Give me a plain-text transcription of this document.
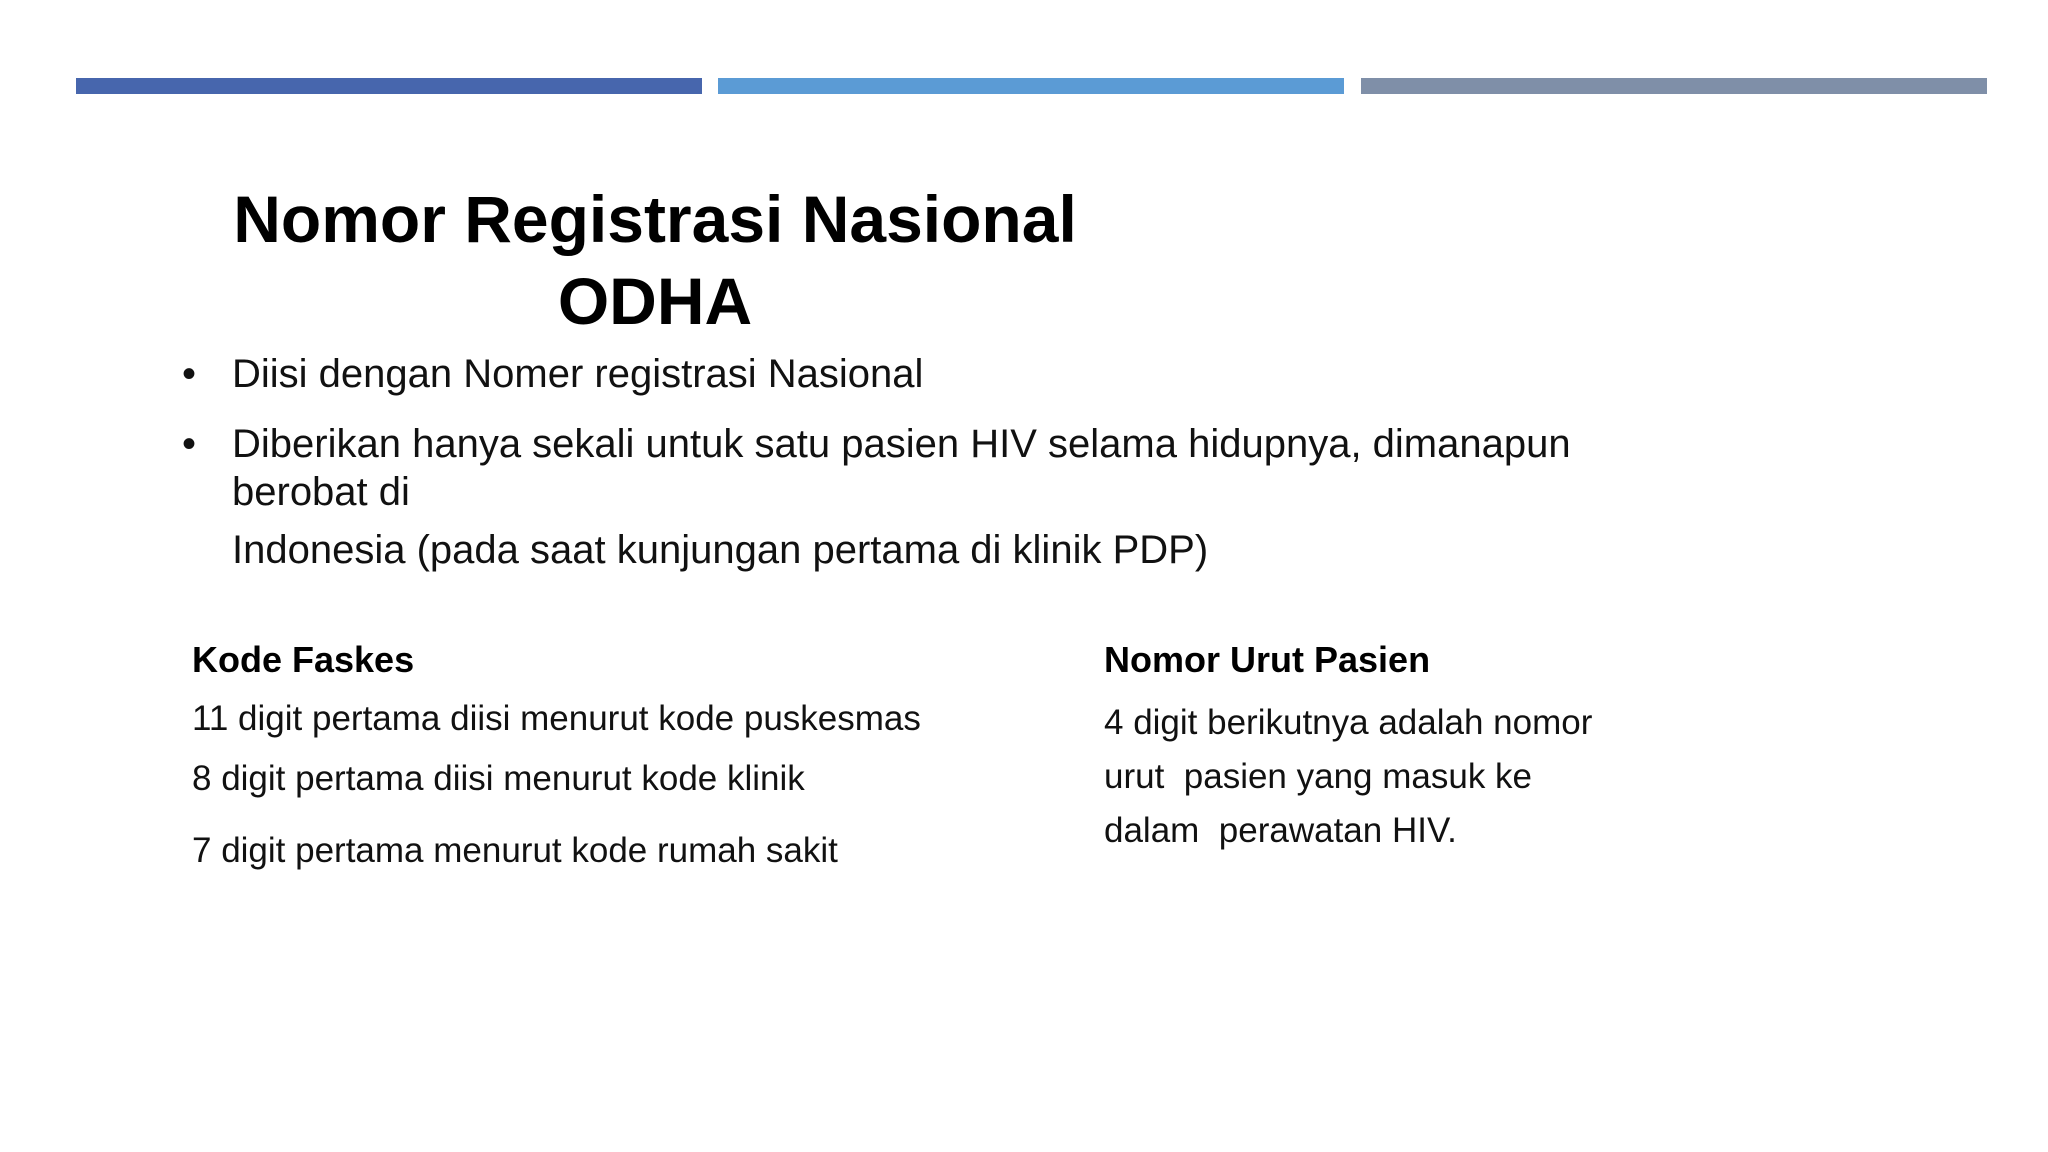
Nomor Registrasi Nasional
ODHA
• Diisi dengan Nomer registrasi Nasional
• Diberikan hanya sekali untuk satu pasien HIV selama hidupnya, dimanapun
berobat di
Indonesia (pada saat kunjungan pertama di klinik PDP)
Kode Faskes
11 digit pertama diisi menurut kode puskesmas
8 digit pertama diisi menurut kode klinik
7 digit pertama menurut kode rumah sakit
Nomor Urut Pasien
4 digit berikutnya adalah nomor
urut  pasien yang masuk ke
dalam  perawatan HIV.
